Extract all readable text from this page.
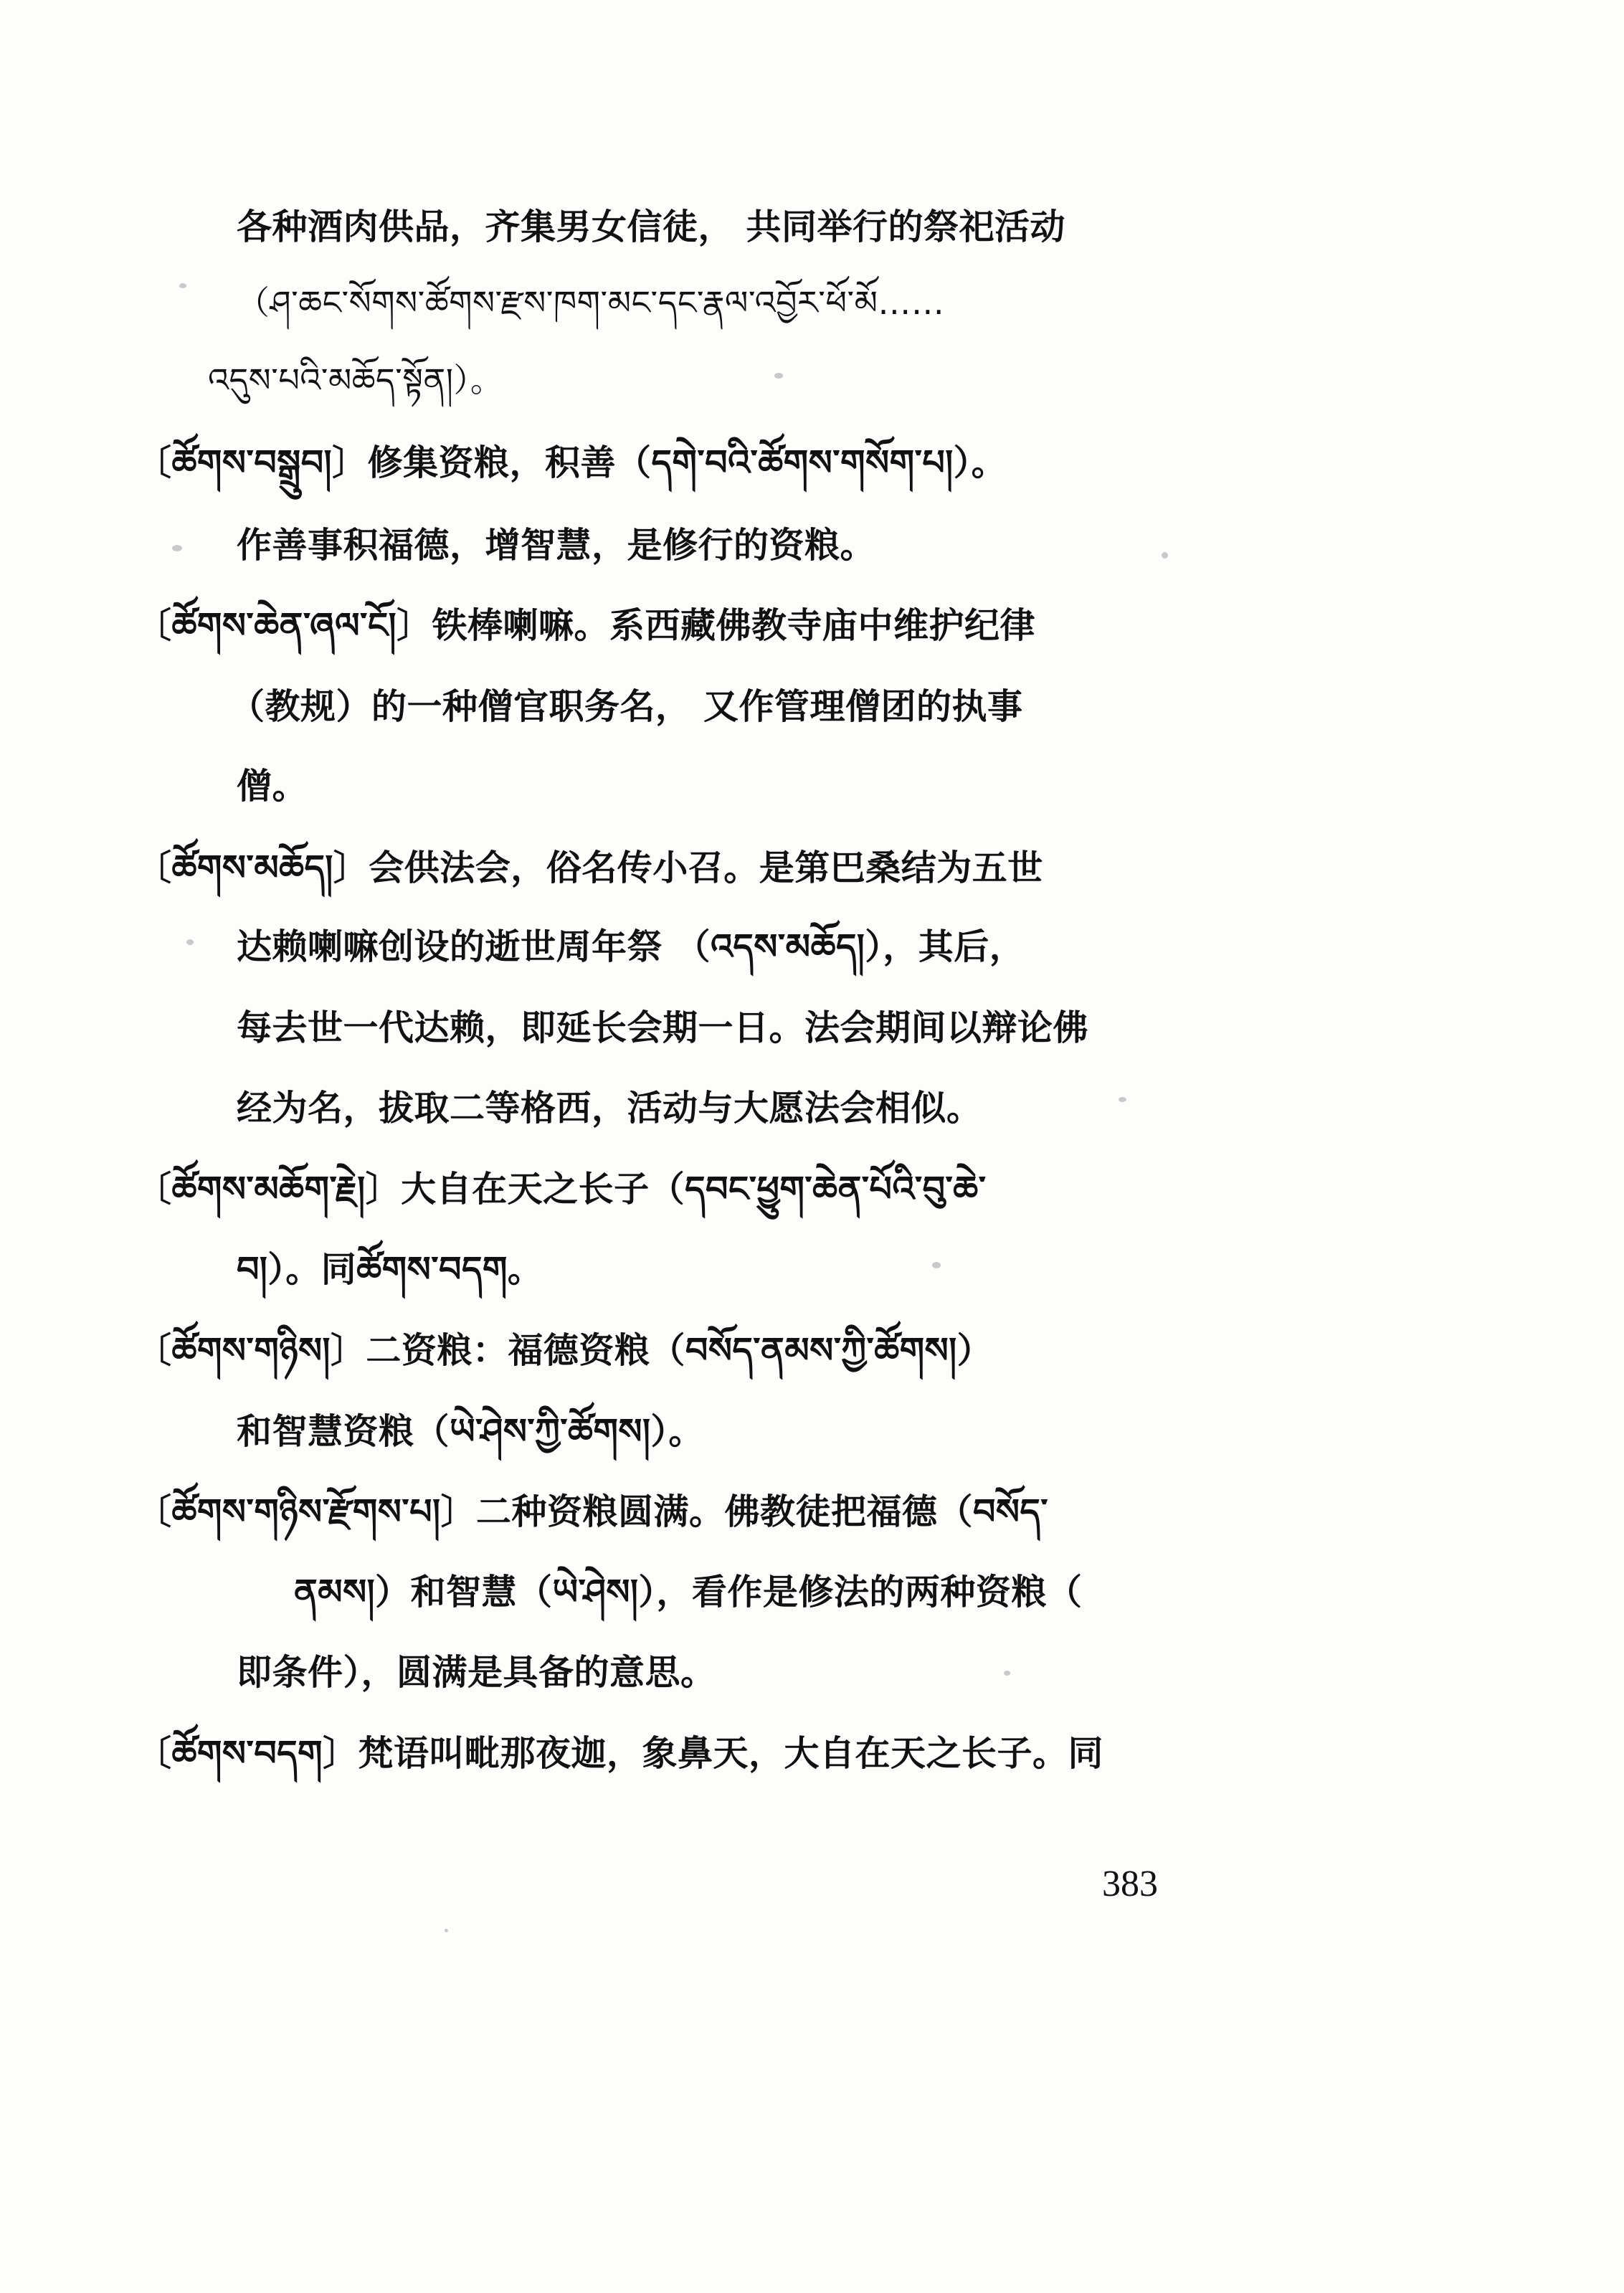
各种酒肉供品，齐集男女信徒， 共同举行的祭祀活动
（ཤ་ཆང་སོགས་ཚོགས་རྫས་ཁག་མང་དང་རྣལ་འབྱོར་ཕོ་མོ……
འདུས་པའི་མཆོད་སྟོན།）。
〔ཚོགས་བསྒྲུབ།〕修集资粮，积善（དགེ་བའི་ཚོགས་གསོག་པ།）。
作善事积福德，增智慧，是修行的资粮。
〔ཚོགས་ཆེན་ཞལ་ངོ།〕铁棒喇嘛。系西藏佛教寺庙中维护纪律
（教规）的一种僧官职务名， 又作管理僧团的执事
僧。
〔ཚོགས་མཆོད།〕会供法会，俗名传小召。是第巴桑结为五世
达赖喇嘛创设的逝世周年祭 （འདས་མཆོད།），其后，
每去世一代达赖，即延长会期一日。法会期间以辩论佛
经为名，拔取二等格西，活动与大愿法会相似。
〔ཚོགས་མཆོག་རྗེ།〕大自在天之长子（དབང་ཕྱུག་ཆེན་པོའི་བུ་ཆེ་
བ།）。同ཚོགས་བདག。
〔ཚོགས་གཉིས།〕二资粮：福德资粮（བསོད་ནམས་ཀྱི་ཚོགས།）
和智慧资粮（ཡེ་ཤེས་ཀྱི་ཚོགས།）。
〔ཚོགས་གཉིས་རྫོགས་པ།〕二种资粮圆满。佛教徒把福德（བསོད་
ནམས།）和智慧（ཡེ་ཤེས།），看作是修法的两种资粮（
即条件），圆满是具备的意思。
〔ཚོགས་བདག〕梵语叫毗那夜迦，象鼻天，大自在天之长子。同
383
